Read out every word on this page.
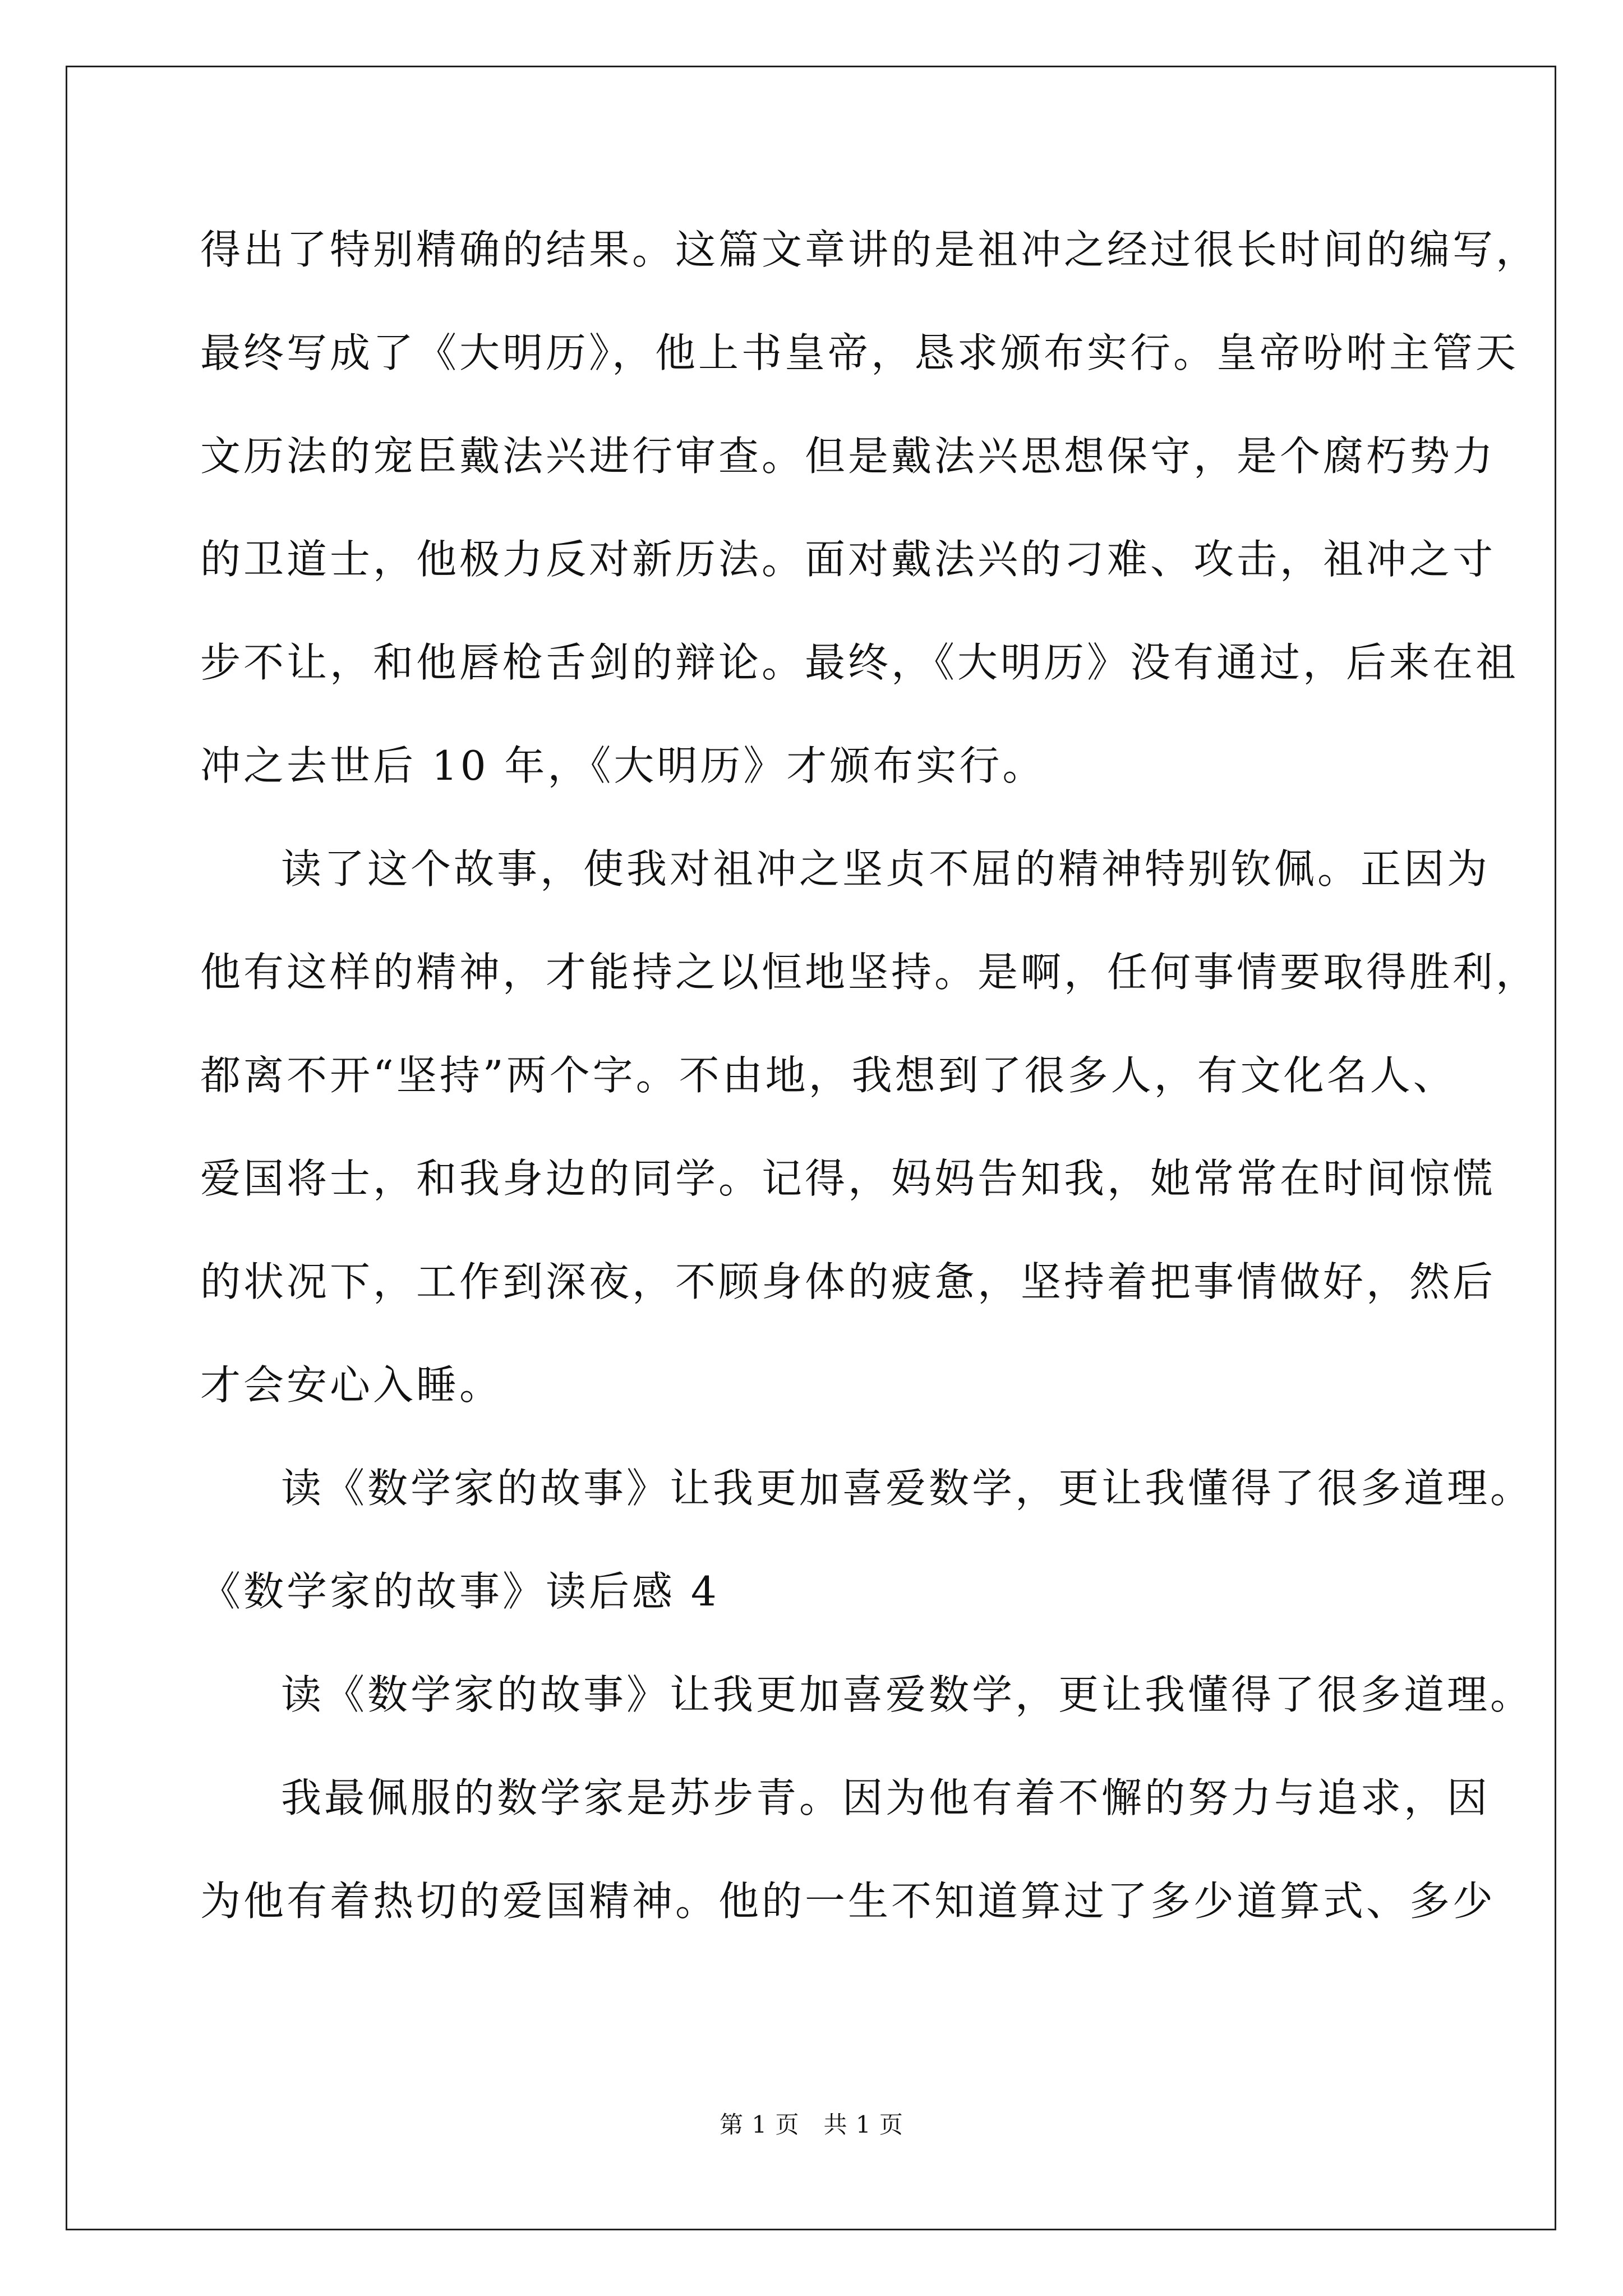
得出了特别精确的结果。这篇文章讲的是祖冲之经过很长时间的编写，
最终写成了《大明历》，他上书皇帝，恳求颁布实行。皇帝吩咐主管天
文历法的宠臣戴法兴进行审查。但是戴法兴思想保守，是个腐朽势力
的卫道士，他极力反对新历法。面对戴法兴的刁难、攻击，祖冲之寸
步不让，和他唇枪舌剑的辩论。最终，《大明历》没有通过，后来在祖
冲之去世后 10 年，《大明历》才颁布实行。
读了这个故事，使我对祖冲之坚贞不屈的精神特别钦佩。正因为
他有这样的精神，才能持之以恒地坚持。是啊，任何事情要取得胜利，
都离不开“坚持”两个字。不由地，我想到了很多人，有文化名人、
爱国将士，和我身边的同学。记得，妈妈告知我，她常常在时间惊慌
的状况下，工作到深夜，不顾身体的疲惫，坚持着把事情做好，然后
才会安心入睡。
读《数学家的故事》让我更加喜爱数学，更让我懂得了很多道理。
《数学家的故事》读后感 4
读《数学家的故事》让我更加喜爱数学，更让我懂得了很多道理。
我最佩服的数学家是苏步青。因为他有着不懈的努力与追求，因
为他有着热切的爱国精神。他的一生不知道算过了多少道算式、多少
第 1 页　共 1 页
